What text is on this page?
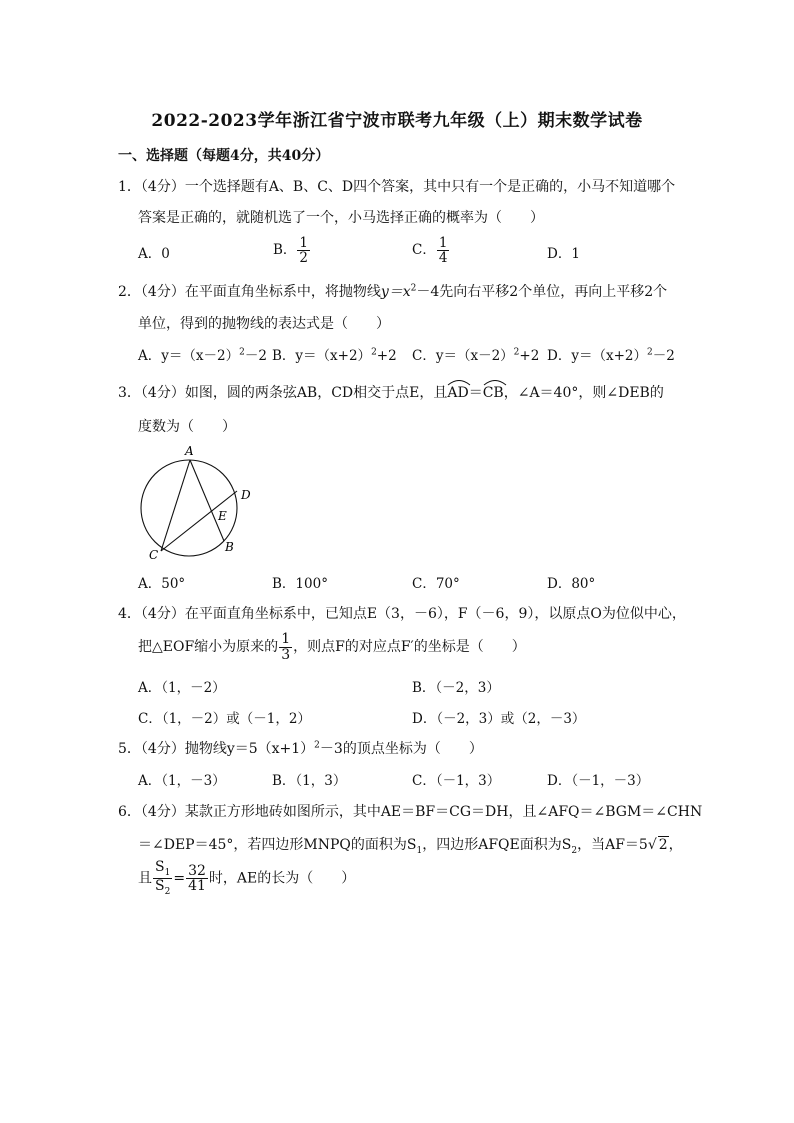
2022-2023学年浙江省宁波市联考九年级（上）期末数学试卷
一、选择题（每题4分，共40分）
1．（4分）一个选择题有A、B、C、D四个答案，其中只有一个是正确的，小马不知道哪个
答案是正确的，就随机选了一个，小马选择正确的概率为（　　）
A．0	B． $\frac{1}{2}$	C． $\frac{1}{4}$	D．1
2．（4分）在平面直角坐标系中，将抛物线$y=x^2-4$先向右平移2个单位，再向上平移2个
单位，得到的抛物线的表达式是（　　）
A．$y=(x-2)^2-2$ B．$y=(x+2)^2+2$ C．$y=(x-2)^2+2$ D．$y=(x+2)^2-2$
3．（4分）如图，圆的两条弦AB，CD相交于点E，且
AD＝
CB，∠A＝40°，则∠DEB的
度数为（　　）
A
D
E
B
C
A．50°	B．100°	C．70°	D．80°
4．（4分）在平面直角坐标系中，已知点E（3，－6），F（－6，9），以原点O为位似中心，
把△EOF缩小为原来的 $\frac{1}{3}$ ，则点F的对应点F′的坐标是（　　）
A．（1，－2）	B．（－2，3）
C．（1，－2）或（－1，2）	D．（－2，3）或（2，－3）
5．（4分）抛物线$y=5(x+1)^2-3$的顶点坐标为（　　）
A．（1，－3）	B．（1，3）	C．（－1，3）	D．（－1，－3）
6．（4分）某款正方形地砖如图所示，其中AE＝BF＝CG＝DH，且∠AFQ＝∠BGM＝∠CHN
＝∠DEP＝45°，若四边形MNPQ的面积为$S_1$，四边形AFQE面积为$S_2$，当AF＝5√ 2，
且 $\frac{S_1}{S_2} = \frac{32}{41}$ 时，AE的长为（　　）
